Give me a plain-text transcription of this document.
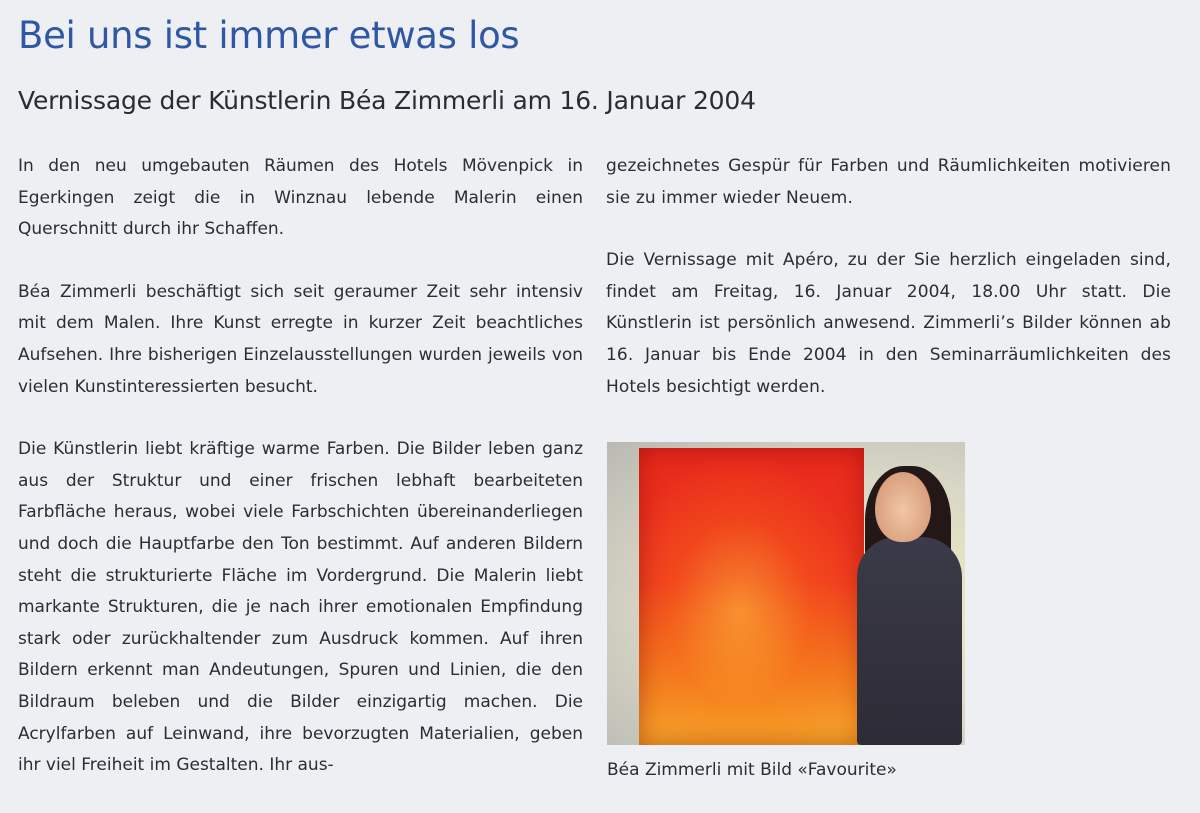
Bei uns ist immer etwas los
Vernissage der Künstlerin Béa Zimmerli am 16. Januar 2004

In den neu umgebauten Räumen des Hotels Mövenpick in Egerkingen zeigt die in Winznau lebende Malerin einen Querschnitt durch ihr Schaffen.

Béa Zimmerli beschäftigt sich seit geraumer Zeit sehr intensiv mit dem Malen. Ihre Kunst erregte in kurzer Zeit beachtliches Aufsehen. Ihre bisherigen Einzelausstellungen wurden jeweils von vielen Kunstinteressierten besucht.

Die Künstlerin liebt kräftige warme Farben. Die Bilder leben ganz aus der Struktur und einer frischen lebhaft bearbeiteten Farbfläche heraus, wobei viele Farbschichten übereinanderliegen und doch die Hauptfarbe den Ton bestimmt. Auf anderen Bildern steht die strukturierte Fläche im Vordergrund. Die Malerin liebt markante Strukturen, die je nach ihrer emotionalen Empfindung stark oder zurückhaltender zum Ausdruck kommen. Auf ihren Bildern erkennt man Andeutungen, Spuren und Linien, die den Bildraum beleben und die Bilder einzigartig machen. Die Acrylfarben auf Leinwand, ihre bevorzugten Materialien, geben ihr viel Freiheit im Gestalten. Ihr aus-

gezeichnetes Gespür für Farben und Räumlichkeiten motivieren sie zu immer wieder Neuem.

Die Vernissage mit Apéro, zu der Sie herzlich eingeladen sind, findet am Freitag, 16. Januar 2004, 18.00 Uhr statt. Die Künstlerin ist persönlich anwesend. Zimmerli’s Bilder können ab 16. Januar bis Ende 2004 in den Seminarräumlichkeiten des Hotels besichtigt werden.

Béa Zimmerli mit Bild «Favourite»
